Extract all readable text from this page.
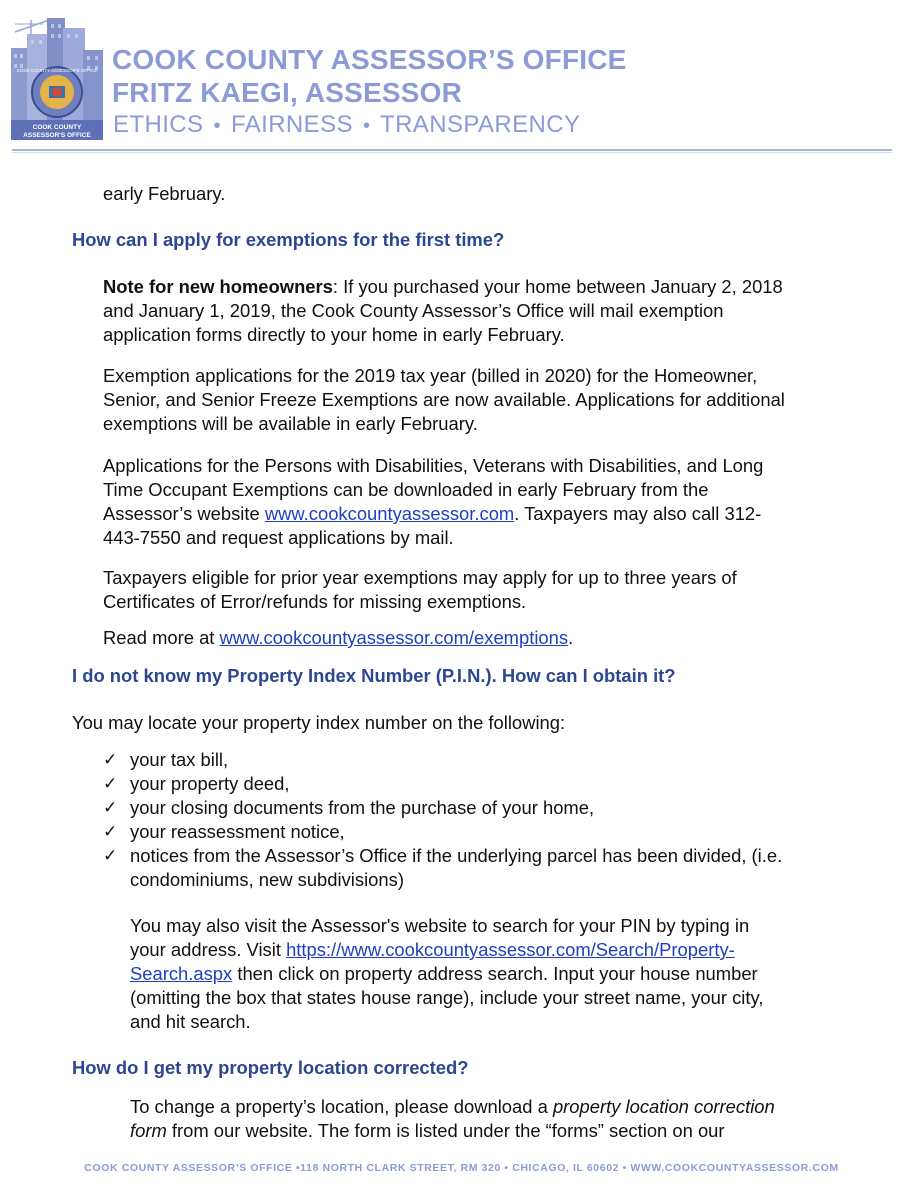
COOK COUNTY ASSESSOR'S OFFICE
COOK COUNTY
ASSESSOR'S OFFICE
COOK COUNTY ASSESSOR’S OFFICE
FRITZ KAEGI, ASSESSOR
ETHICS • FAIRNESS • TRANSPARENCY
early February.
How can I apply for exemptions for the first time?
Note for new homeowners: If you purchased your home between January 2, 2018
and January 1, 2019, the Cook County Assessor’s Office will mail exemption
application forms directly to your home in early February.
Exemption applications for the 2019 tax year (billed in 2020) for the Homeowner,
Senior, and Senior Freeze Exemptions are now available. Applications for additional
exemptions will be available in early February.
Applications for the Persons with Disabilities, Veterans with Disabilities, and Long
Time Occupant Exemptions can be downloaded in early February from the
Assessor’s website www.cookcountyassessor.com. Taxpayers may also call 312-
443-7550 and request applications by mail.
Taxpayers eligible for prior year exemptions may apply for up to three years of
Certificates of Error/refunds for missing exemptions.
Read more at www.cookcountyassessor.com/exemptions.
I do not know my Property Index Number (P.I.N.). How can I obtain it?
You may locate your property index number on the following:
✓ your tax bill,
✓ your property deed,
✓ your closing documents from the purchase of your home,
✓ your reassessment notice,
✓ notices from the Assessor’s Office if the underlying parcel has been divided, (i.e.
condominiums, new subdivisions)
You may also visit the Assessor's website to search for your PIN by typing in
your address. Visit https://www.cookcountyassessor.com/Search/Property-
Search.aspx then click on property address search. Input your house number
(omitting the box that states house range), include your street name, your city,
and hit search.
How do I get my property location corrected?
To change a property’s location, please download a property location correction
form from our website. The form is listed under the “forms” section on our
COOK COUNTY ASSESSOR’S OFFICE •118 NORTH CLARK STREET, RM 320 • CHICAGO, IL 60602 • WWW.COOKCOUNTYASSESSOR.COM
